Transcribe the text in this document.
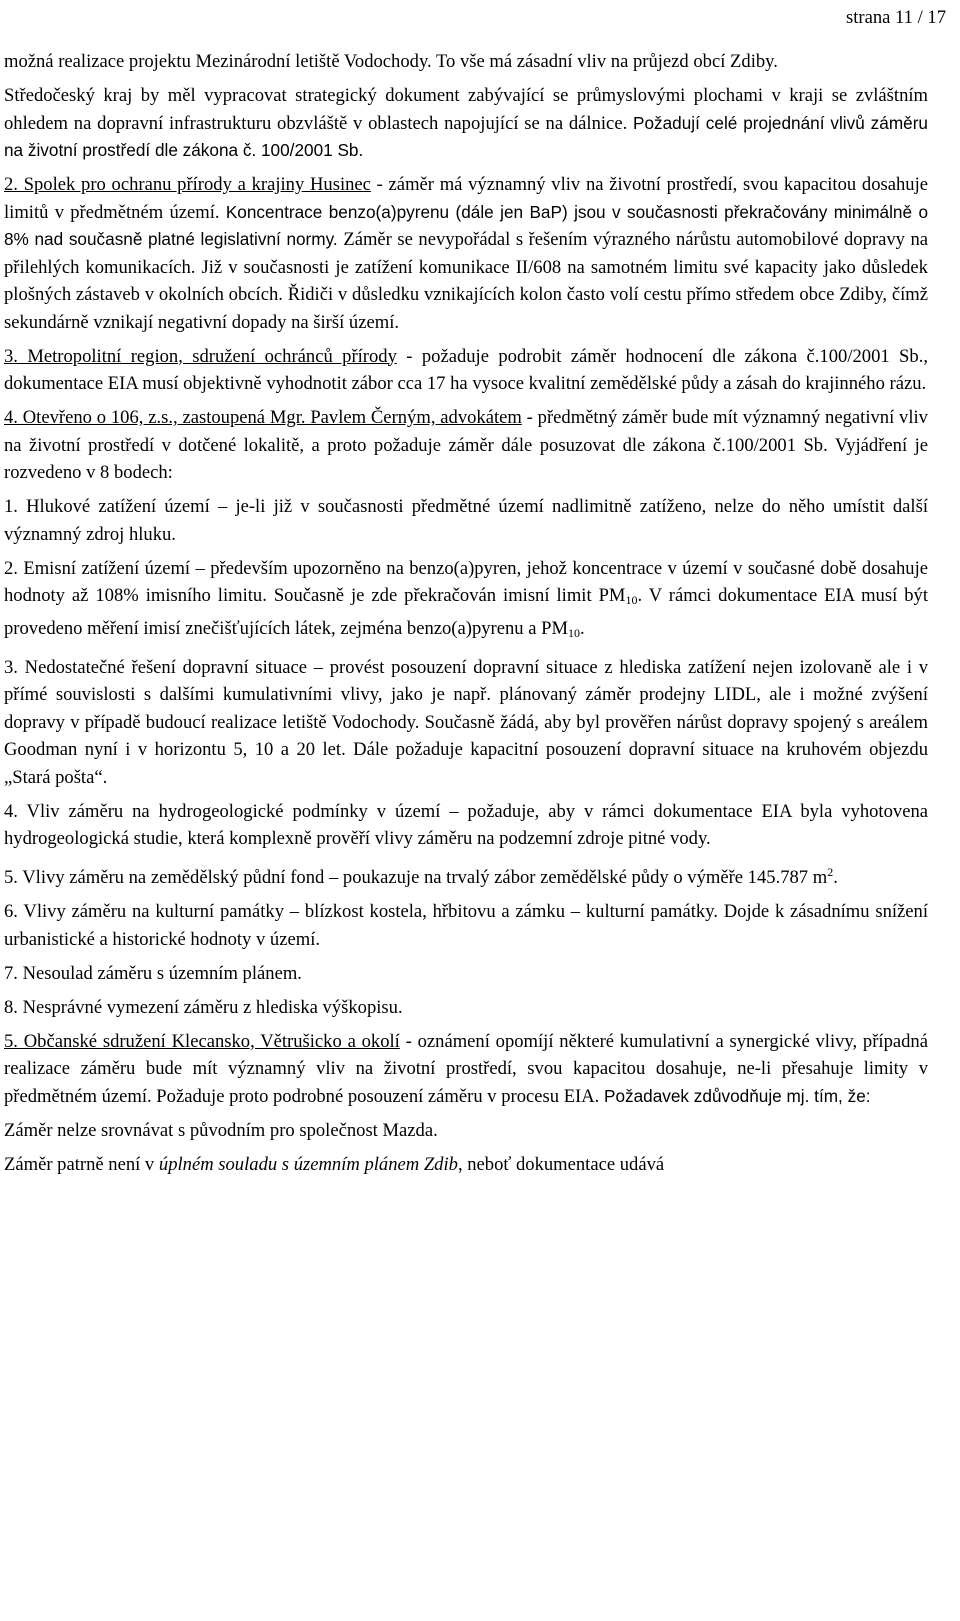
strana 11 / 17

možná realizace projektu Mezinárodní letiště Vodochody. To vše má zásadní vliv na průjezd obcí Zdiby.

Středočeský kraj by měl vypracovat strategický dokument zabývající se průmyslovými plochami v kraji se zvláštním ohledem na dopravní infrastrukturu obzvláště v oblastech napojující se na dálnice. Požadují celé projednání vlivů záměru na životní prostředí dle zákona č. 100/2001 Sb.

2. Spolek pro ochranu přírody a krajiny Husinec - záměr má významný vliv na životní prostředí, svou kapacitou dosahuje limitů v předmětném území. Koncentrace benzo(a)pyrenu (dále jen BaP) jsou v současnosti překračovány minimálně o 8% nad současně platné legislativní normy. Záměr se nevypořádal s řešením výrazného nárůstu automobilové dopravy na přilehlých komunikacích. Již v současnosti je zatížení komunikace II/608 na samotném limitu své kapacity jako důsledek plošných zástaveb v okolních obcích. Řidiči v důsledku vznikajících kolon často volí cestu přímo středem obce Zdiby, čímž sekundárně vznikají negativní dopady na širší území.

3. Metropolitní region, sdružení ochránců přírody - požaduje podrobit záměr hodnocení dle zákona č.100/2001 Sb., dokumentace EIA musí objektivně vyhodnotit zábor cca 17 ha vysoce kvalitní zemědělské půdy a zásah do krajinného rázu.

4. Otevřeno o 106, z.s., zastoupená Mgr. Pavlem Černým, advokátem - předmětný záměr bude mít významný negativní vliv na životní prostředí v dotčené lokalitě, a proto požaduje záměr dále posuzovat dle zákona č.100/2001 Sb. Vyjádření je rozvedeno v 8 bodech:

1. Hlukové zatížení území – je-li již v současnosti předmětné území nadlimitně zatíženo, nelze do něho umístit další významný zdroj hluku.

2. Emisní zatížení území – především upozorněno na benzo(a)pyren, jehož koncentrace v území v současné době dosahuje hodnoty až 108% imisního limitu. Současně je zde překračován imisní limit $PM_{10}$. V rámci dokumentace EIA musí být provedeno měření imisí znečišťujících látek, zejména benzo(a)pyrenu a $PM_{10}$.

3. Nedostatečné řešení dopravní situace – provést posouzení dopravní situace z hlediska zatížení nejen izolovaně ale i v přímé souvislosti s dalšími kumulativními vlivy, jako je např. plánovaný záměr prodejny LIDL, ale i možné zvýšení dopravy v případě budoucí realizace letiště Vodochody. Současně žádá, aby byl prověřen nárůst dopravy spojený s areálem Goodman nyní i v horizontu 5, 10 a 20 let. Dále požaduje kapacitní posouzení dopravní situace na kruhovém objezdu „Stará pošta“.

4. Vliv záměru na hydrogeologické podmínky v území – požaduje, aby v rámci dokumentace EIA byla vyhotovena hydrogeologická studie, která komplexně prověří vlivy záměru na podzemní zdroje pitné vody.

5. Vlivy záměru na zemědělský půdní fond – poukazuje na trvalý zábor zemědělské půdy o výměře 145.787 $m^2$.

6. Vlivy záměru na kulturní památky – blízkost kostela, hřbitovu a zámku – kulturní památky. Dojde k zásadnímu snížení urbanistické a historické hodnoty v území.

7. Nesoulad záměru s územním plánem.

8. Nesprávné vymezení záměru z hlediska výškopisu.

5. Občanské sdružení Klecansko, Větrušicko a okolí - oznámení opomíjí některé kumulativní a synergické vlivy, případná realizace záměru bude mít významný vliv na životní prostředí, svou kapacitou dosahuje, ne-li přesahuje limity v předmětném území. Požaduje proto podrobné posouzení záměru v procesu EIA. Požadavek zdůvodňuje mj. tím, že:

Záměr nelze srovnávat s původním pro společnost Mazda.

Záměr patrně není v úplném souladu s územním plánem Zdib, neboť dokumentace udává
